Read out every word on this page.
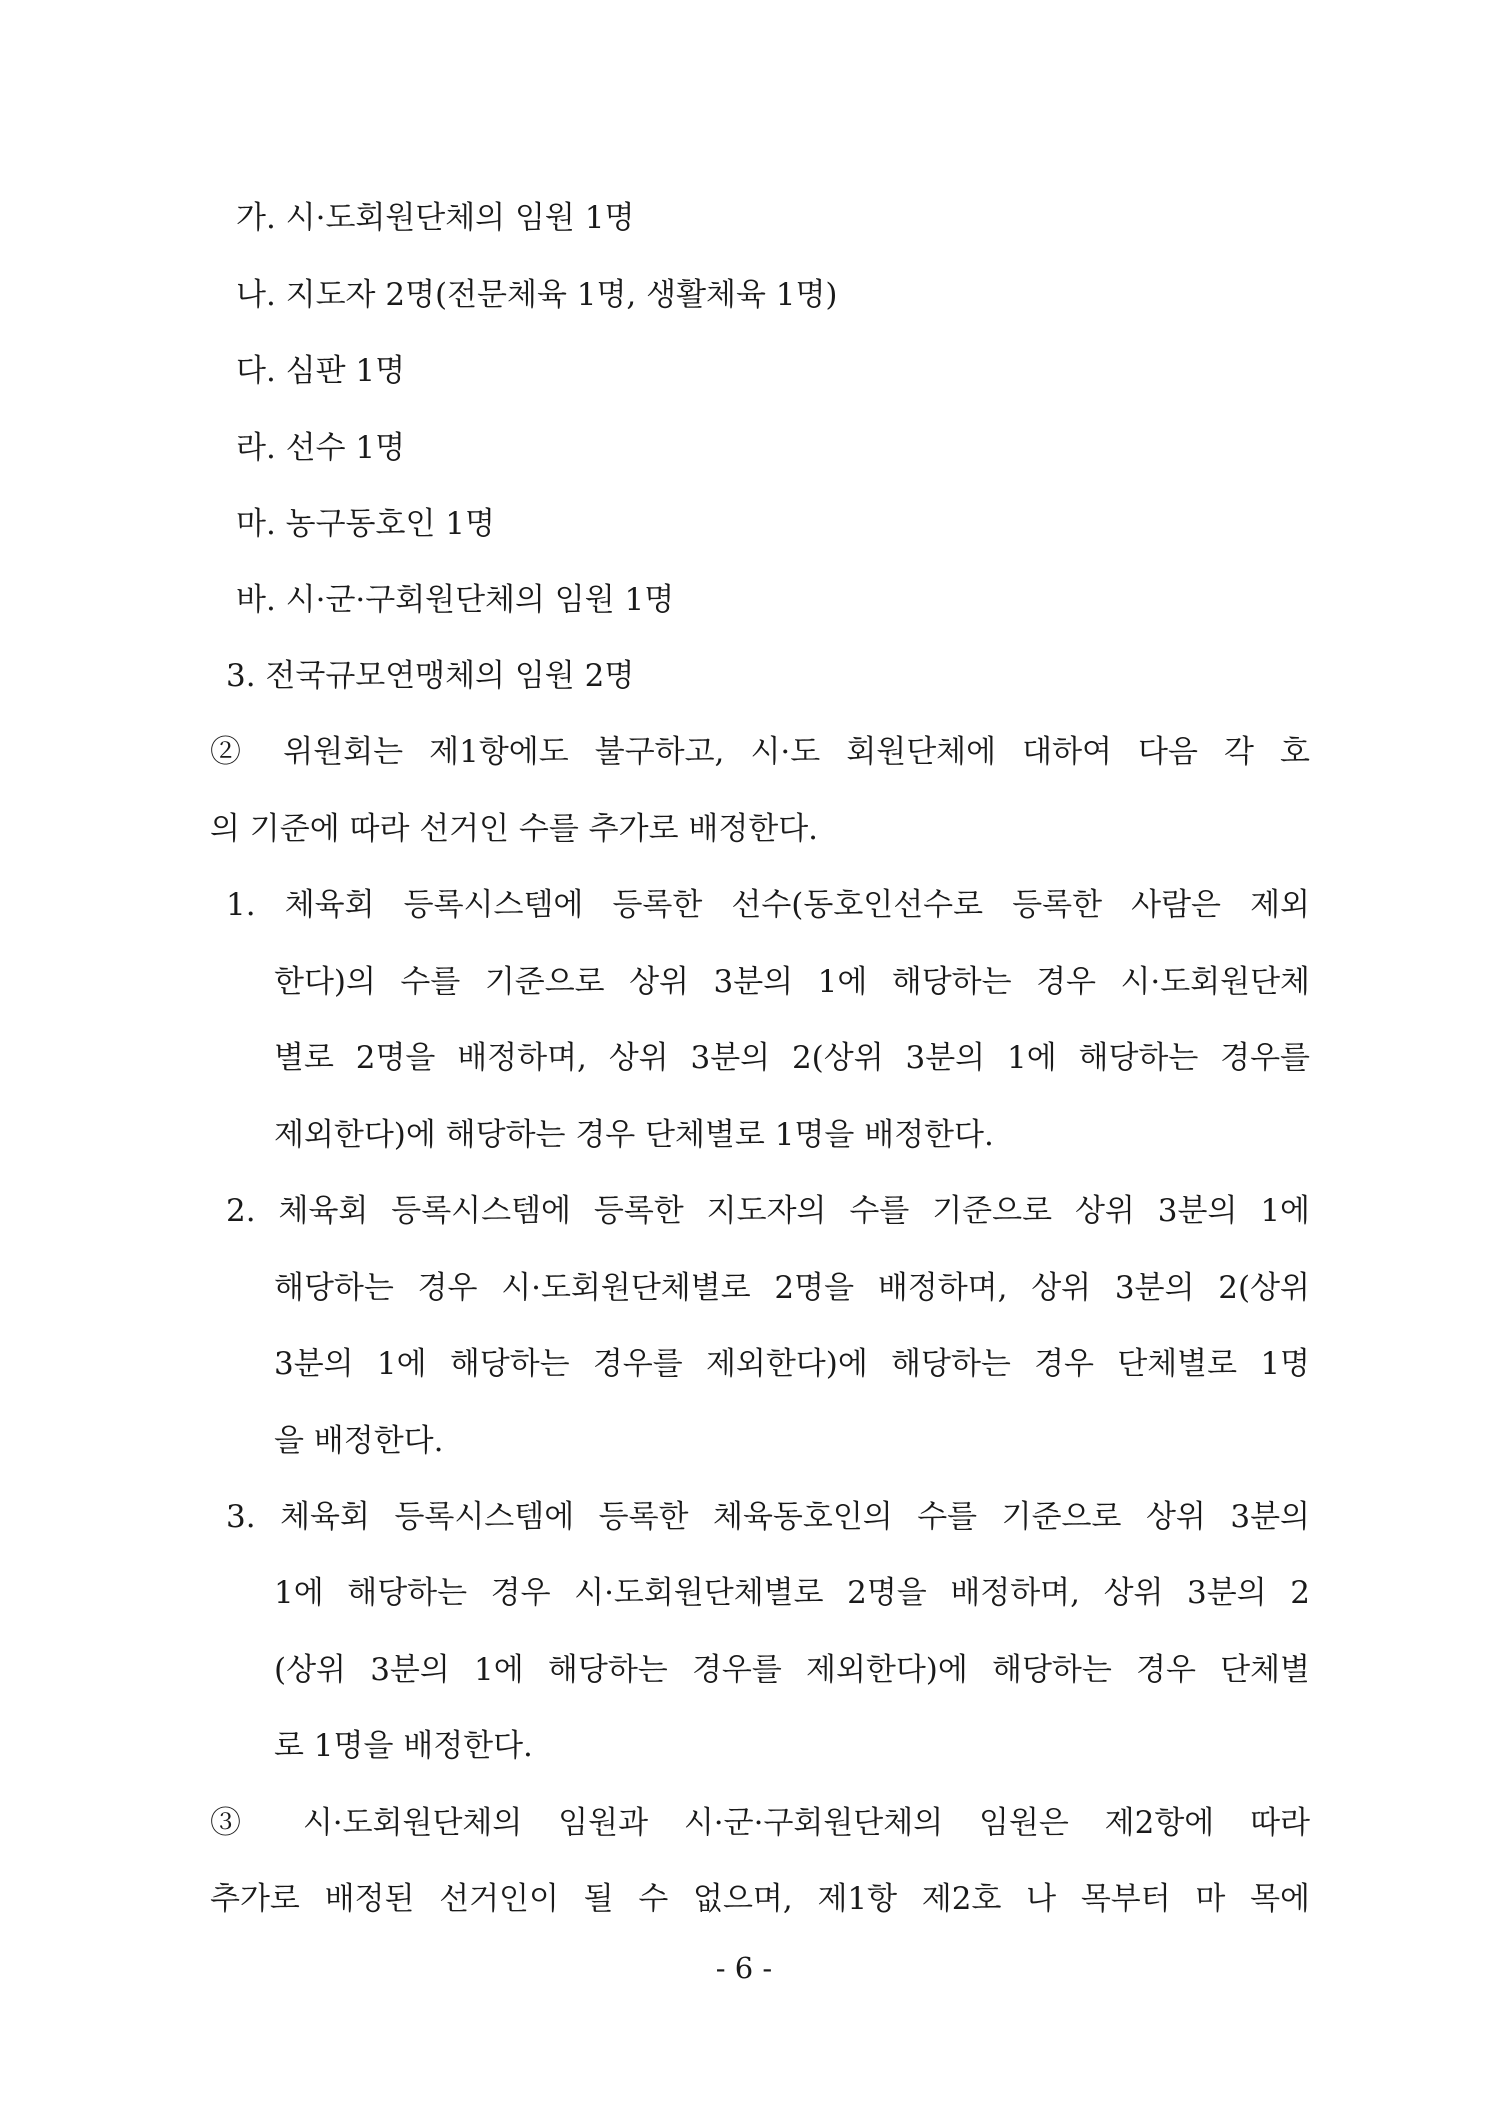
가. 시·도회원단체의 임원 1명
나. 지도자 2명(전문체육 1명, 생활체육 1명)
다. 심판 1명
라. 선수 1명
마. 농구동호인 1명
바. 시·군·구회원단체의 임원 1명
3. 전국규모연맹체의 임원 2명
② 위원회는 제1항에도 불구하고, 시·도 회원단체에 대하여 다음 각 호
의 기준에 따라 선거인 수를 추가로 배정한다.
1. 체육회 등록시스템에 등록한 선수(동호인선수로 등록한 사람은 제외
한다)의 수를 기준으로 상위 3분의 1에 해당하는 경우 시·도회원단체
별로 2명을 배정하며, 상위 3분의 2(상위 3분의 1에 해당하는 경우를
제외한다)에 해당하는 경우 단체별로 1명을 배정한다.
2. 체육회 등록시스템에 등록한 지도자의 수를 기준으로 상위 3분의 1에
해당하는 경우 시·도회원단체별로 2명을 배정하며, 상위 3분의 2(상위
3분의 1에 해당하는 경우를 제외한다)에 해당하는 경우 단체별로 1명
을 배정한다.
3. 체육회 등록시스템에 등록한 체육동호인의 수를 기준으로 상위 3분의
1에 해당하는 경우 시·도회원단체별로 2명을 배정하며, 상위 3분의 2
(상위 3분의 1에 해당하는 경우를 제외한다)에 해당하는 경우 단체별
로 1명을 배정한다.
③ 시·도회원단체의 임원과 시·군·구회원단체의 임원은 제2항에 따라
추가로 배정된 선거인이 될 수 없으며, 제1항 제2호 나 목부터 마 목에
- 6 -
